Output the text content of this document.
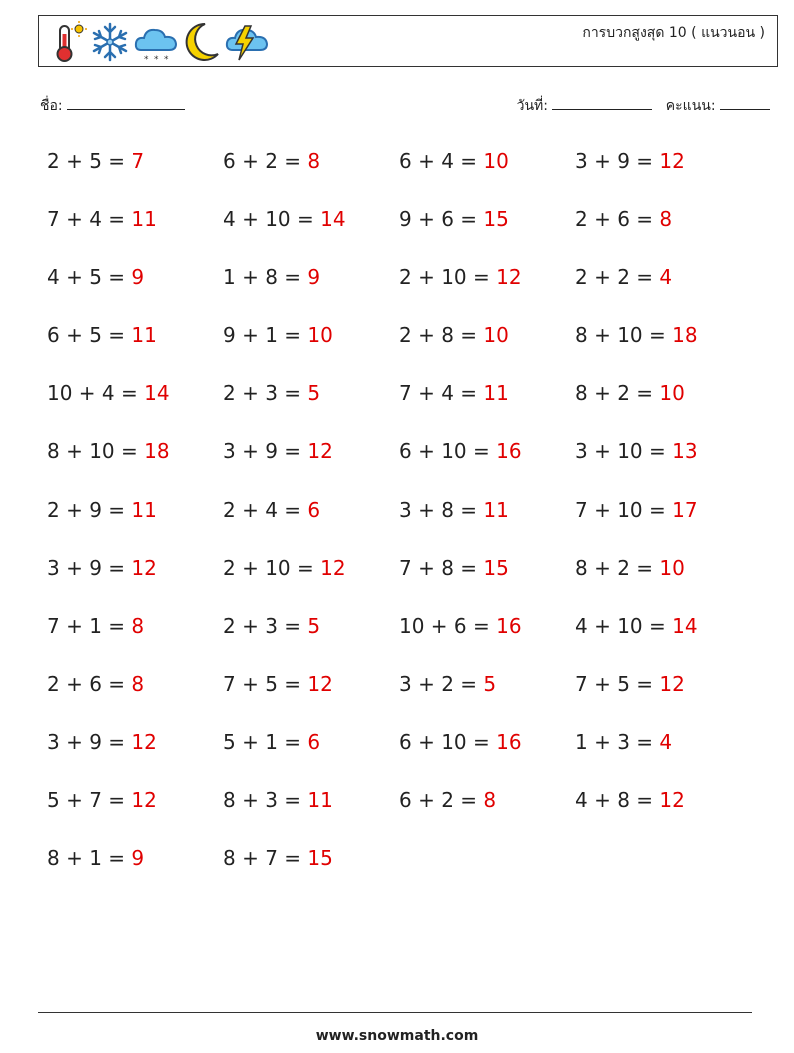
* * *
การบวกสูงสุด 10 ( แนวนอน )
ชื่อ:	วันที่:	คะแนน:
2 + 5 = 7	6 + 2 = 8	6 + 4 = 10	3 + 9 = 12
7 + 4 = 11	4 + 10 = 14	9 + 6 = 15	2 + 6 = 8
4 + 5 = 9	1 + 8 = 9	2 + 10 = 12	2 + 2 = 4
6 + 5 = 11	9 + 1 = 10	2 + 8 = 10	8 + 10 = 18
10 + 4 = 14	2 + 3 = 5	7 + 4 = 11	8 + 2 = 10
8 + 10 = 18	3 + 9 = 12	6 + 10 = 16	3 + 10 = 13
2 + 9 = 11	2 + 4 = 6	3 + 8 = 11	7 + 10 = 17
3 + 9 = 12	2 + 10 = 12	7 + 8 = 15	8 + 2 = 10
7 + 1 = 8	2 + 3 = 5	10 + 6 = 16	4 + 10 = 14
2 + 6 = 8	7 + 5 = 12	3 + 2 = 5	7 + 5 = 12
3 + 9 = 12	5 + 1 = 6	6 + 10 = 16	1 + 3 = 4
5 + 7 = 12	8 + 3 = 11	6 + 2 = 8	4 + 8 = 12
8 + 1 = 9	8 + 7 = 15
www.snowmath.com
